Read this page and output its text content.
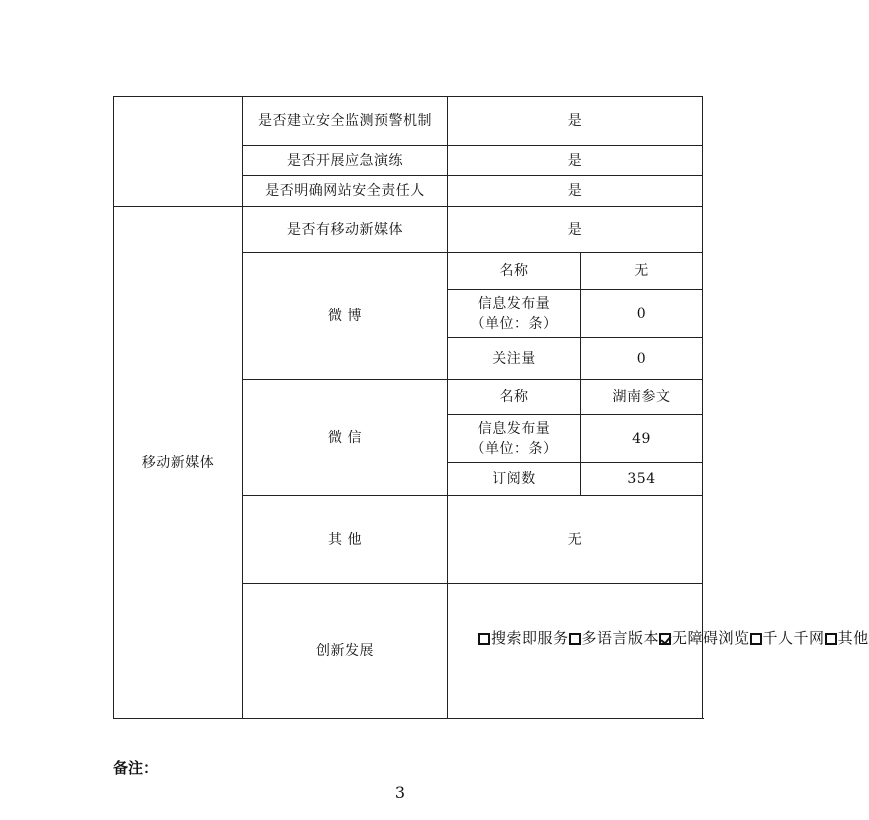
	是否建立安全监测预警机制	是	
	是否开展应急演练	是	
	是否明确网站安全责任人	是	
移动新媒体	是否有移动新媒体	是	
	微 博	名称	无
		信息发布量（单位：条）	0
		关注量	0
	微 信	名称	湖南参文
		信息发布量（单位：条）	49
		订阅数	354
	其 他	无	
	创新发展	搜索即服务 多语言版本 无障碍浏览 千人千网 其他	
备注：
3
